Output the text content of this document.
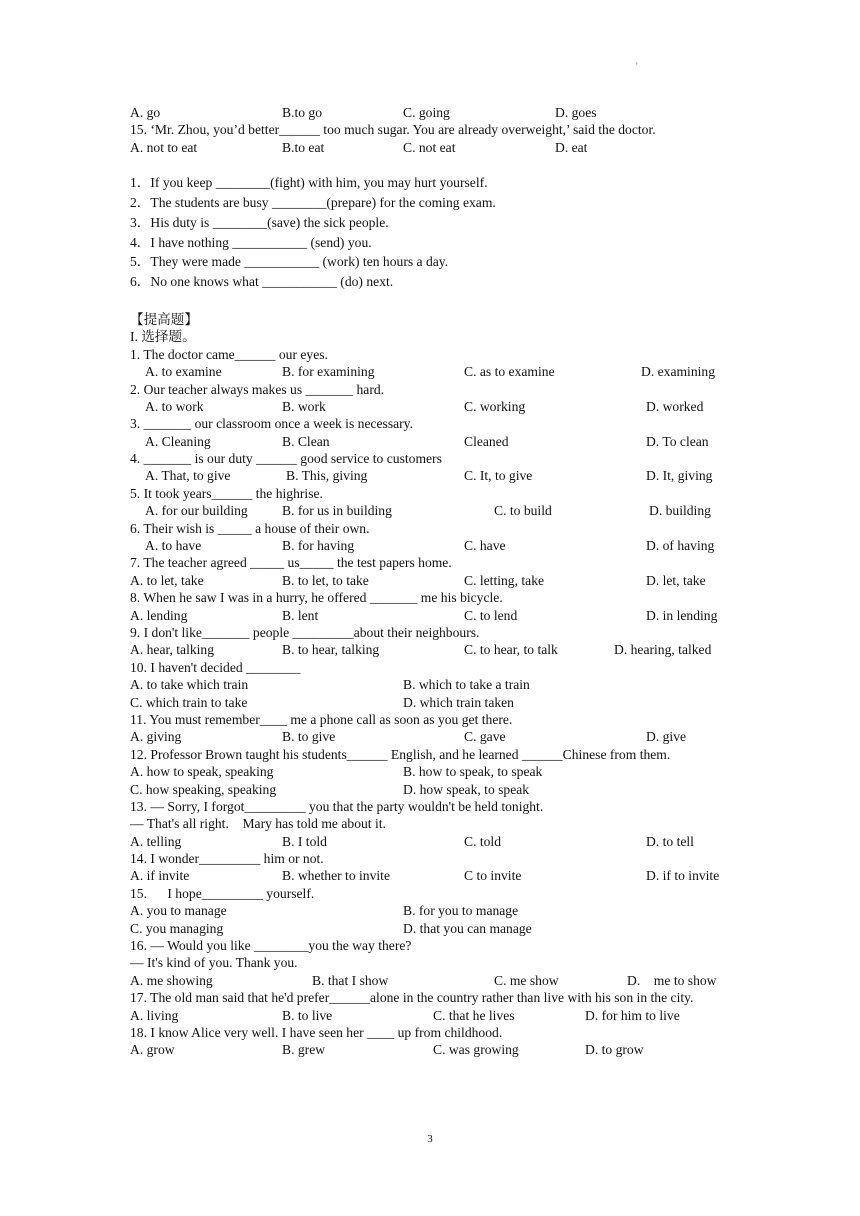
'
A. go	B.to go	C. going	D. goes
15. ‘Mr. Zhou, you’d better______ too much sugar. You are already overweight,’ said the doctor.
A. not to eat	B.to eat	C. not eat	D. eat
1．If you keep ________(fight) with him, you may hurt yourself.
2．The students are busy ________(prepare) for the coming exam.
3．His duty is ________(save) the sick people.
4．I have nothing ___________ (send) you.
5．They were made ___________ (work) ten hours a day.
6．No one knows what ___________ (do) next.
【提高题】
I. 选择题。
1. The doctor came______ our eyes.
A. to examine	B. for examining	C. as to examine	D. examining
2. Our teacher always makes us _______ hard.
A. to work	B. work	C. working	D. worked
3. _______ our classroom once a week is necessary.
A. Cleaning	B. Clean	Cleaned	D. To clean
4. _______ is our duty ______ good service to customers
A. That, to give	B. This, giving	C. It, to give	D. It, giving
5. It took years______ the highrise.
A. for our building	B. for us in building	C. to build	D. building
6. Their wish is _____ a house of their own.
A. to have	B. for having	C. have	D. of having
7. The teacher agreed _____ us_____ the test papers home.
A. to let, take	B. to let, to take	C. letting, take	D. let, take
8. When he saw I was in a hurry, he offered _______ me his bicycle.
A. lending	B. lent	C. to lend	D. in lending
9. I don't like_______ people _________about their neighbours.
A. hear, talking	B. to hear, talking	C. to hear, to talk	D. hearing, talked
10. I haven't decided ________
A. to take which train	B. which to take a train
C. which train to take	D. which train taken
11. You must remember____ me a phone call as soon as you get there.
A. giving	B. to give	C. gave	D. give

12. Professor Brown taught his students______ English, and he learned ______Chinese from them.

A. how to speak, speaking	B. how to speak, to speak
C. how speaking, speaking	D. how speak, to speak
13. — Sorry, I forgot_________ you that the party wouldn't be held tonight.
— That's all right.    Mary has told me about it.
A. telling	B. I told	C. told	D. to tell
14. I wonder_________ him or not.
A. if invite	B. whether to invite	C to invite	D. if to invite
15.      I hope_________ yourself.
A. you to manage	B. for you to manage
C. you managing	D. that you can manage
16. — Would you like ________you the way there?
— It's kind of you. Thank you.
A. me showing	B. that I show	C. me show	D.    me to show

17. The old man said that he'd prefer______alone in the country rather than live with his son in the city.

A. living	B. to live	C. that he lives	D. for him to live
18. I know Alice very well. I have seen her ____ up from childhood.
A. grow	B. grew	C. was growing	D. to grow
3
